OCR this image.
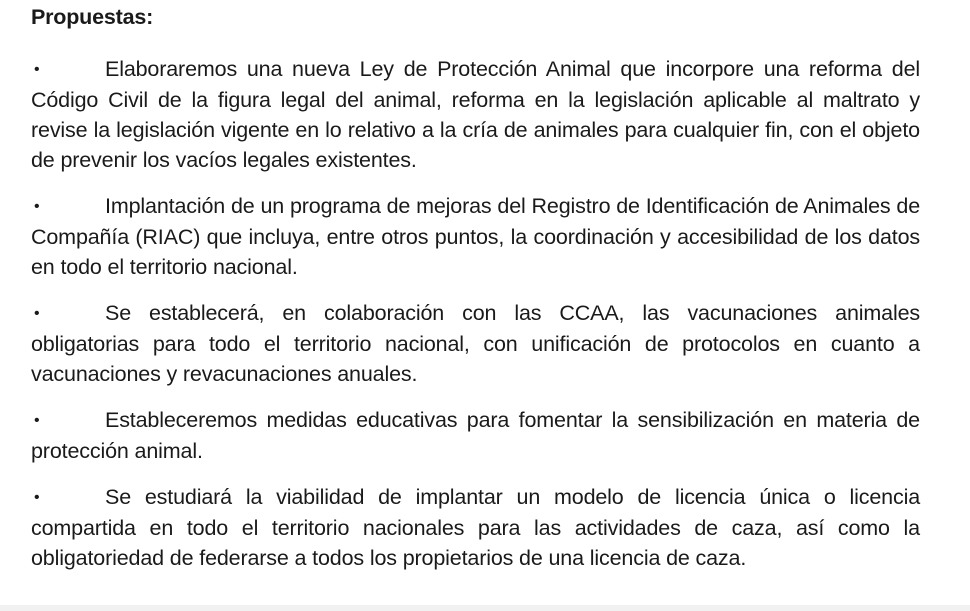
Propuestas:

•	Elaboraremos una nueva Ley de Protección Animal que incorpore una reforma del Código Civil de la figura legal del animal, reforma en la legislación aplicable al maltrato y revise la legislación vigente en lo relativo a la cría de animales para cualquier fin, con el objeto de prevenir los vacíos legales existentes.

•	Implantación de un programa de mejoras del Registro de Identificación de Animales de Compañía (RIAC) que incluya, entre otros puntos, la coordinación y accesibilidad de los datos en todo el territorio nacional.

•	Se establecerá, en colaboración con las CCAA, las vacunaciones animales obligatorias para todo el territorio nacional, con unificación de protocolos en cuanto a vacunaciones y revacunaciones anuales.

•	Estableceremos medidas educativas para fomentar la sensibilización en materia de protección animal.

•	Se estudiará la viabilidad de implantar un modelo de licencia única o licencia compartida en todo el territorio nacionales para las actividades de caza, así como la obligatoriedad de federarse a todos los propietarios de una licencia de caza.
